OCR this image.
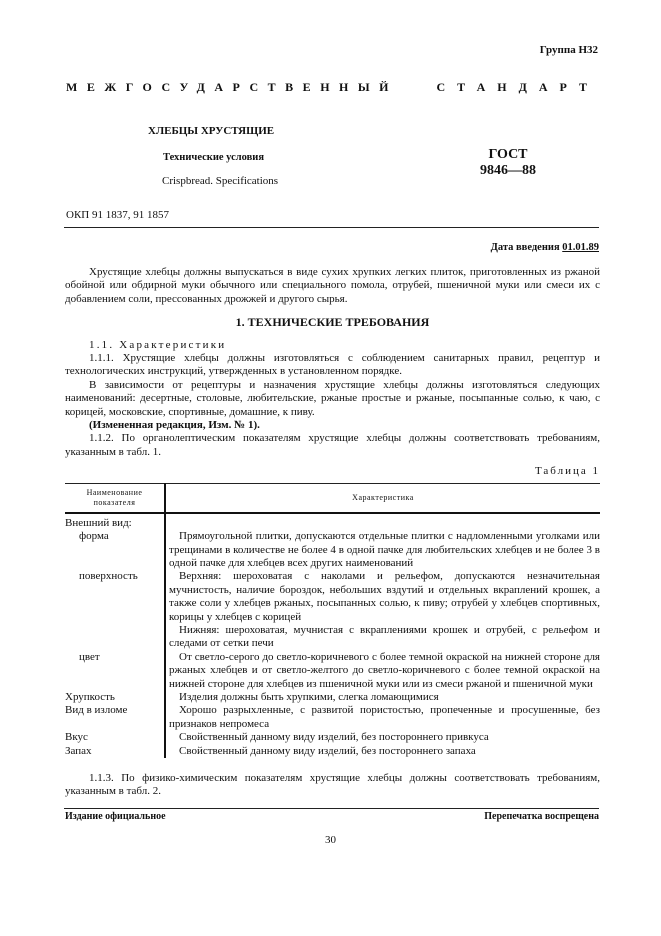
Группа Н32
МЕЖГОСУДАРСТВЕННЫЙ	СТАНДАРТ
ХЛЕБЦЫ ХРУСТЯЩИЕ
Технические условия
Crispbread. Specifications
ГОСТ
9846—88
ОКП 91 1837, 91 1857
Дата введения 01.01.89

Хрустящие хлебцы должны выпускаться в виде сухих хрупких легких плиток, приготовленных из ржаной обойной или обдирной муки обычного или специального помола, отрубей, пшеничной муки или смеси их с добавлением соли, прессованных дрожжей и другого сырья.

1. ТЕХНИЧЕСКИЕ ТРЕБОВАНИЯ

1.1. Характеристики

1.1.1. Хрустящие хлебцы должны изготовляться с соблюдением санитарных правил, рецептур и технологических инструкций, утвержденных в установленном порядке.

В зависимости от рецептуры и назначения хрустящие хлебцы должны изготовляться следующих наименований: десертные, столовые, любительские, ржаные простые и ржаные, посыпанные солью, к чаю, с корицей, московские, спортивные, домашние, к пиву.

(Измененная редакция, Изм. № 1).

1.1.2. По органолептическим показателям хрустящие хлебцы должны соответствовать требованиям, указанным в табл. 1.

Таблица 1

Наименование показателя	Характеристика
Внешний вид:	
форма	Прямоугольной плитки, допускаются отдельные плитки с надломленными уголками или трещинами в количестве не более 4 в одной пачке для любительских хлебцев и не более 3 в одной пачке для хлебцев всех других наименований
поверхность	Верхняя: шероховатая с наколами и рельефом, допускаются незначительная мучнистость, наличие бороздок, небольших вздутий и отдельных вкраплений крошек, а также соли у хлебцев ржаных, посыпанных солью, к пиву; отрубей у хлебцев спортивных, корицы у хлебцев с корицей
	Нижняя: шероховатая, мучнистая с вкраплениями крошек и отрубей, с рельефом и следами от сетки печи
цвет	От светло-серого до светло-коричневого с более темной окраской на нижней стороне для ржаных хлебцев и от светло-желтого до светло-коричневого с более темной окраской на нижней стороне для хлебцев из пшеничной муки или из смеси ржаной и пшеничной муки
Хрупкость	Изделия должны быть хрупкими, слегка ломающимися
Вид в изломе	Хорошо разрыхленные, с развитой пористостью, пропеченные и просушенные, без признаков непромеса
Вкус	Свойственный данному виду изделий, без постороннего привкуса
Запах	Свойственный данному виду изделий, без постороннего запаха

1.1.3. По физико-химическим показателям хрустящие хлебцы должны соответствовать требованиям, указанным в табл. 2.

Издание официальное	Перепечатка воспрещена
30
